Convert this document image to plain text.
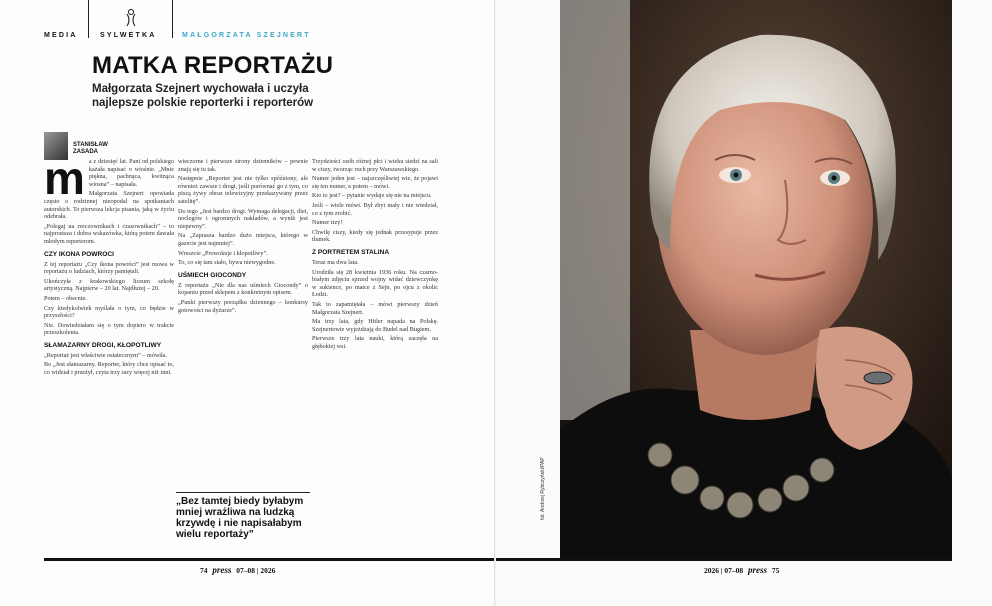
MEDIA	SYLWETKA	MAŁGORZATA SZEJNERT
MATKA REPORTAŻU
Małgorzata Szejnert wychowała i uczyła najlepsze polskie reporterki i reporterów
STANISŁAW
ZASADA
m a z dziesięć lat. Pani od polskiego każała napisać o wiośnie. „Mnie piękna, pachnąca, kwitnąca wiosna” – napisała.

Małgorzata Szejnert opowiada często o rodzinnej nieopodal na spotkaniach autorskich. To pierwsza lekcja pisania, jaką w życiu odebrała.

„Polegaj na rzeczownikach i czasownikach” – to najprostsza i dobra wskazówka, którą potem dawała młodym reporterom.

CZY IKONA POWROCI

Z tej reportażu „Czy ikona powróci” jest mowa w reportażu o ludziach, którzy pamiętali.

Ukończyła z krakowskiego liceum szkołę artystyczną. Najpierw – 20 lat. Najdłużej – 20.

Potem – obecnie.

Czy kiedykolwiek myślała o tym, co będzie w przyszłości?

Nie. Dowiedziałam się o tym dopiero w trakcie przeszkolenia.

SŁAMAZARNY DROGI, KŁOPOTLIWY

„Reportaż jest właściwie ostatecznym” – mówiła.

Bo „Jest słamazarny. Reporter, który chce opisać to, co widział i przeżył, czyta trzy razy więcej niż inni.

wieczorne i pierwsze strony dzienników ‒ pewnie znają się tu tak.

Następnie „Reporter jest nie tylko spóźniony, ale również zawsze i drogi, jeśli porównać go z tym, co piszą żywy obraz telewizyjny przekazywany przez satelitę”.

Do tego „Jest bardzo drogi. Wymaga delegacji, diet, noclegów i ogromnych nakładów, a wynik jest niepewny”.

Na „Zaprasza bardzo dużo miejsca, którego w gazecie jest najmniej”.

Wreszcie „Prowokuje i kłopotliwy”.

To, co się tam stało, bywa niewygodne.

UŚMIECH GIOCONDY

Z reportażu „Nie dla nas uśmiech Giocondy” o kopaniu przed sklepem z konkretnym opisem.

„Punkt pierwszy porządku dziennego – konkursy gotowości na dyżurze”.

„Bez tamtej biedy byłabym mniej wrażliwa na ludzką krzywdę i nie napisałabym wielu reportaży”

Trzydzieści osób różnej płci i wieku siedzi na sali w ciszy, tworząc ruch przy Warszawskiego.

Numer jeden jest – najszczęśliwiej wie, że pojawi się ten numer, a potem – mówi.

Kto to jest? – pytanie wydaje się nie na miejscu.

Jeśli – wiele mówi. Był zbyt mały i nie wiedział, co z tym zrobić.

Numer trzy!

Chwilę ciszy, kiedy się jednak przesypuje przez tłumek.

Z PORTRETEM STALINA

Teraz ma dwa lata.

Urodziła się 28 kwietnia 1936 roku. Na czarno-białym zdjęciu sprzed wojny widać dziewczynkę w sukience, po matce z Sejn, po ojcu z okolic Łodzi.

Tak to zapamiętała – mówi pierwszy dzień Małgorzata Szejnert.

Ma trzy lata, gdy Hitler napada na Polskę. Szejnertowie wyjeżdżają do Budel nad Bugiem.

Pierwsze trzy lata nauki, którą zaczęła na głębokiej wsi.

74 press 07–08 | 2026	2026 | 07–08 press 75
fot. Andrzej Rybczyński/PAP
